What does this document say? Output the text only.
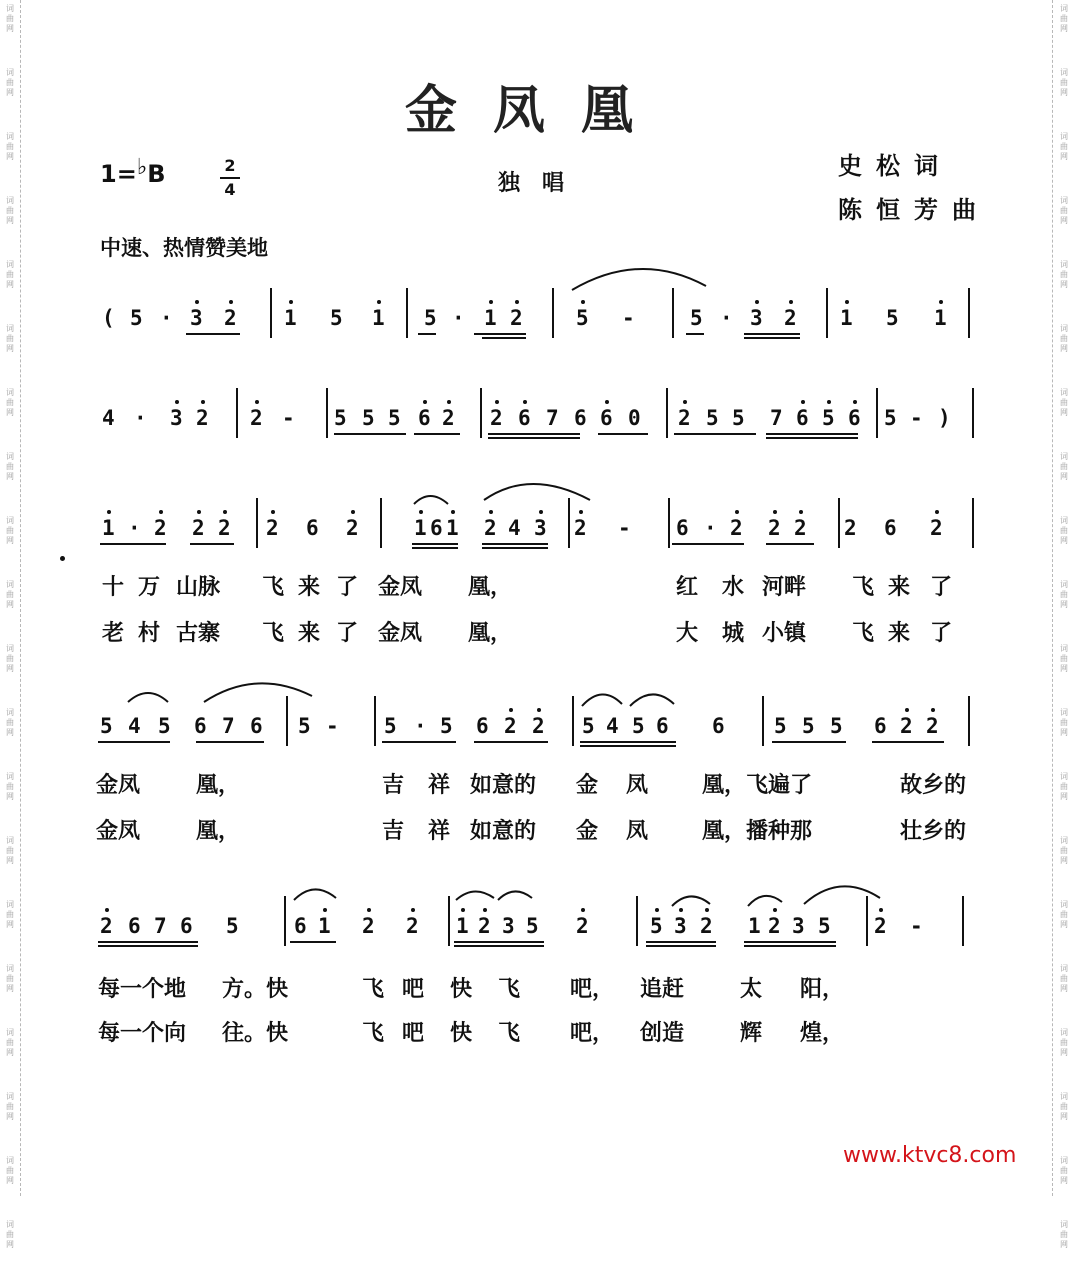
词
曲
网
词
曲
网
词
曲
网
词
曲
网
词
曲
网
词
曲
网
词
曲
网
词
曲
网
词
曲
网
词
曲
网
词
曲
网
词
曲
网
词
曲
网
词
曲
网
词
曲
网
词
曲
网
词
曲
网
词
曲
网
词
曲
网
词
曲
网
词
曲
网
词
曲
网
词
曲
网
词
曲
网
词
曲
网
词
曲
网
词
曲
网
词
曲
网
词
曲
网
词
曲
网
词
曲
网
词
曲
网
词
曲
网
词
曲
网
词
曲
网
词
曲
网
词
曲
网
词
曲
网
词
曲
网
词
曲
网
金凤凰
1=♭B	2
4	独唱
史松词
陈恒芳曲
中速、热情赞美地
( 5 · 3 2 1 5 1 5 · 1 2	5 -	5 · 3 2 1 5 1
4 · 3 2 2 - 5 5 5 6 2 2 6 7 6 6 0 2 5 5 7 6 5 6 5 - )
1 · 2 2 2 2 6 2	1 6 1 2 4 3 2 - 6 · 2 2 2 2 6 2
5 4 5 6 7 6 5 - 5 · 5 6 2 2 5 4 5 6 6 5 5 5 6 2 2
2 6 7 6 5	6 1 2 2 1 2 3 5 2	5 3 2 1 2 3 5 2 -
www.ktvc8.com
十 万 山脉 飞 来 了 金凤 凰，	红 水 河畔 飞 来 了
老 村 古寨 飞 来 了 金凤 凰，	大 城 小镇 飞 来 了
金凤	凰，	吉 祥 如意的 金 凤 凰，飞遍了	故乡的
金凤	凰，	吉 祥 如意的 金 凤 凰，播种那	壮乡的
每一个地 方。快	飞 吧 快 飞 吧， 追赶	太 阳，
每一个向 往。快	飞 吧 快 飞 吧， 创造	辉 煌，
